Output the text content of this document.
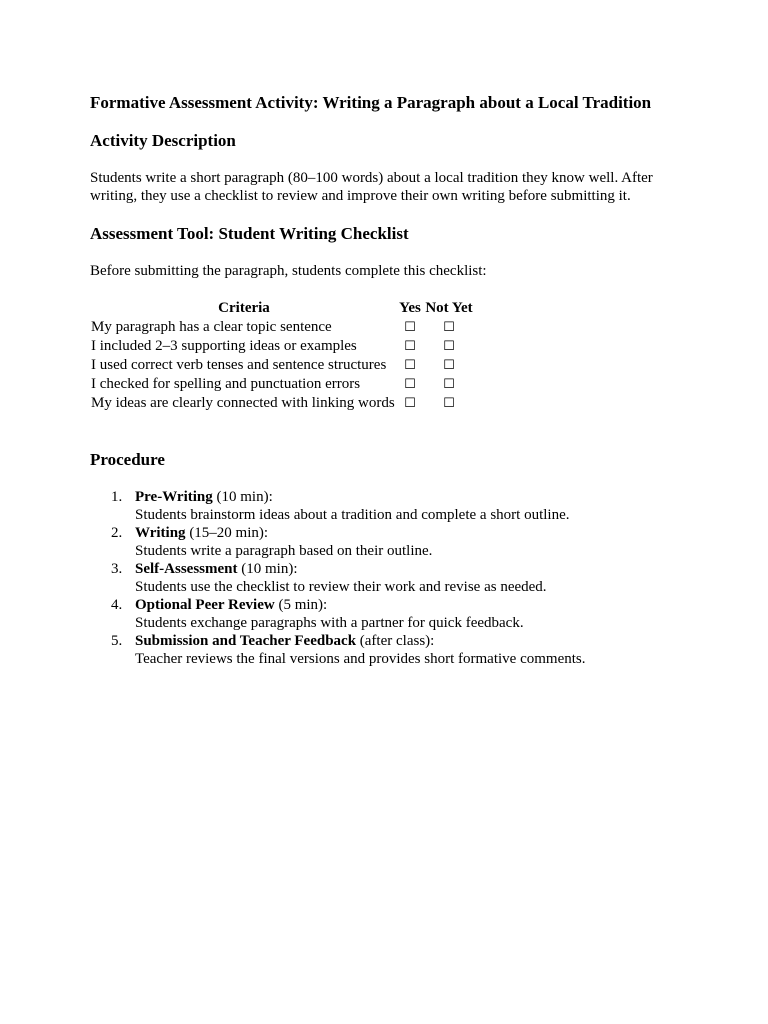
Formative Assessment Activity: Writing a Paragraph about a Local Tradition
Activity Description

Students write a short paragraph (80–100 words) about a local tradition they know well. After writing, they use a checklist to review and improve their own writing before submitting it.

Assessment Tool: Student Writing Checklist

Before submitting the paragraph, students complete this checklist:

Criteria	Yes	Not Yet
My paragraph has a clear topic sentence	☐	☐
I included 2–3 supporting ideas or examples	☐	☐
I used correct verb tenses and sentence structures	☐	☐
I checked for spelling and punctuation errors	☐	☐
My ideas are clearly connected with linking words	☐	☐
Procedure
1. Pre-Writing (10 min):
Students brainstorm ideas about a tradition and complete a short outline.
2. Writing (15–20 min):
Students write a paragraph based on their outline.
3. Self-Assessment (10 min):
Students use the checklist to review their work and revise as needed.
4. Optional Peer Review (5 min):
Students exchange paragraphs with a partner for quick feedback.
5. Submission and Teacher Feedback (after class):
Teacher reviews the final versions and provides short formative comments.
